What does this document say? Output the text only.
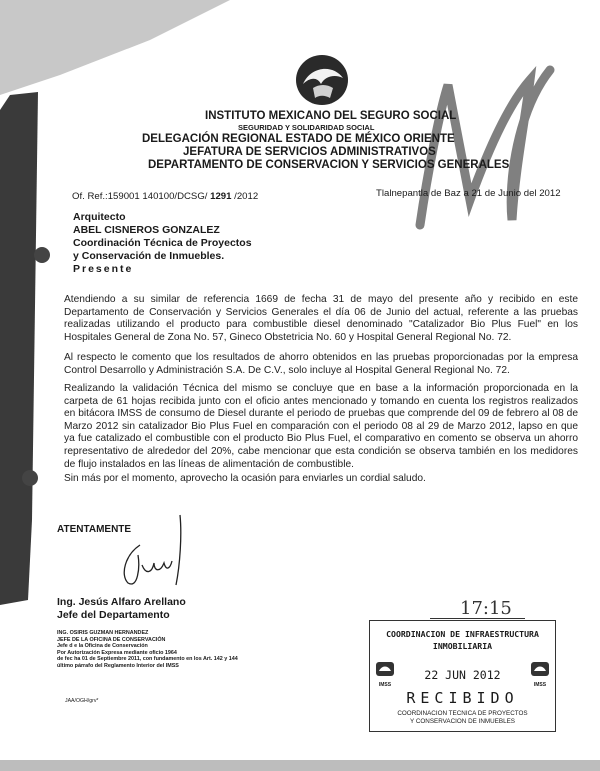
INSTITUTO MEXICANO DEL SEGURO SOCIAL
SEGURIDAD Y SOLIDARIDAD SOCIAL
DELEGACIÓN REGIONAL ESTADO DE MÉXICO ORIENTE
JEFATURA DE SERVICIOS ADMINISTRATIVOS
DEPARTAMENTO DE CONSERVACION Y SERVICIOS GENERALES
Of. Ref.:159001 140100/DCSG/ 1291 /2012	Tlalnepantla de Baz a 21 de Junio del 2012
Arquitecto
ABEL CISNEROS GONZALEZ
Coordinación Técnica de Proyectos
y Conservación de Inmuebles.
Presente
Atendiendo a su similar de referencia 1669 de fecha 31 de mayo del presente año y recibido en este Departamento de Conservación y Servicios Generales el día 06 de Junio del actual, referente a las pruebas realizadas utilizando el producto para combustible diesel denominado "Catalizador Bio Plus Fuel" en los Hospitales General de Zona No. 57, Gineco Obstetricia No. 60 y Hospital General Regional No. 72.
Al respecto le comento que los resultados de ahorro obtenidos en las pruebas proporcionadas por la empresa Control Desarrollo y Administración S.A. De C.V., solo incluye al Hospital General Regional No. 72.
Realizando la validación Técnica del mismo se concluye que en base a la información proporcionada en la carpeta de 61 hojas recibida junto con el oficio antes mencionado y tomando en cuenta los registros realizados en bitácora IMSS de consumo de Diesel durante el periodo de pruebas que comprende del 09 de febrero al 08 de Marzo 2012 sin catalizador Bio Plus Fuel en comparación con el periodo 08 al 29 de Marzo 2012, lapso en que ya fue catalizado el combustible con el producto Bio Plus Fuel, el comparativo en comento se observa un ahorro representativo de alrededor del 20%, cabe mencionar que esta condición se observa también en los medidores de flujo instalados en las líneas de alimentación de combustible.
Sin más por el momento, aprovecho la ocasión para enviarles un cordial saludo.
ATENTAMENTE
Ing. Jesús Alfaro Arellano
Jefe del Departamento
ING. OSIRIS GUZMAN HERNANDEZ
JEFE DE LA OFICINA DE CONSERVACIÓN
Jefe d e la Oficina de Conservación
Por Autorización Expresa mediante oficio 1964
de fec ha 01 de Septiembre 2011, con fundamento en los Art. 142 y 144
último párrafo del Reglamento Interior del IMSS
JAA/OGH/grv*
17:15
COORDINACION DE INFRAESTRUCTURA
INMOBILIARIA
IMSS
22 JUN 2012
IMSS
RECIBIDO
COORDINACION TECNICA DE PROYECTOS
Y CONSERVACION DE INMUEBLES
